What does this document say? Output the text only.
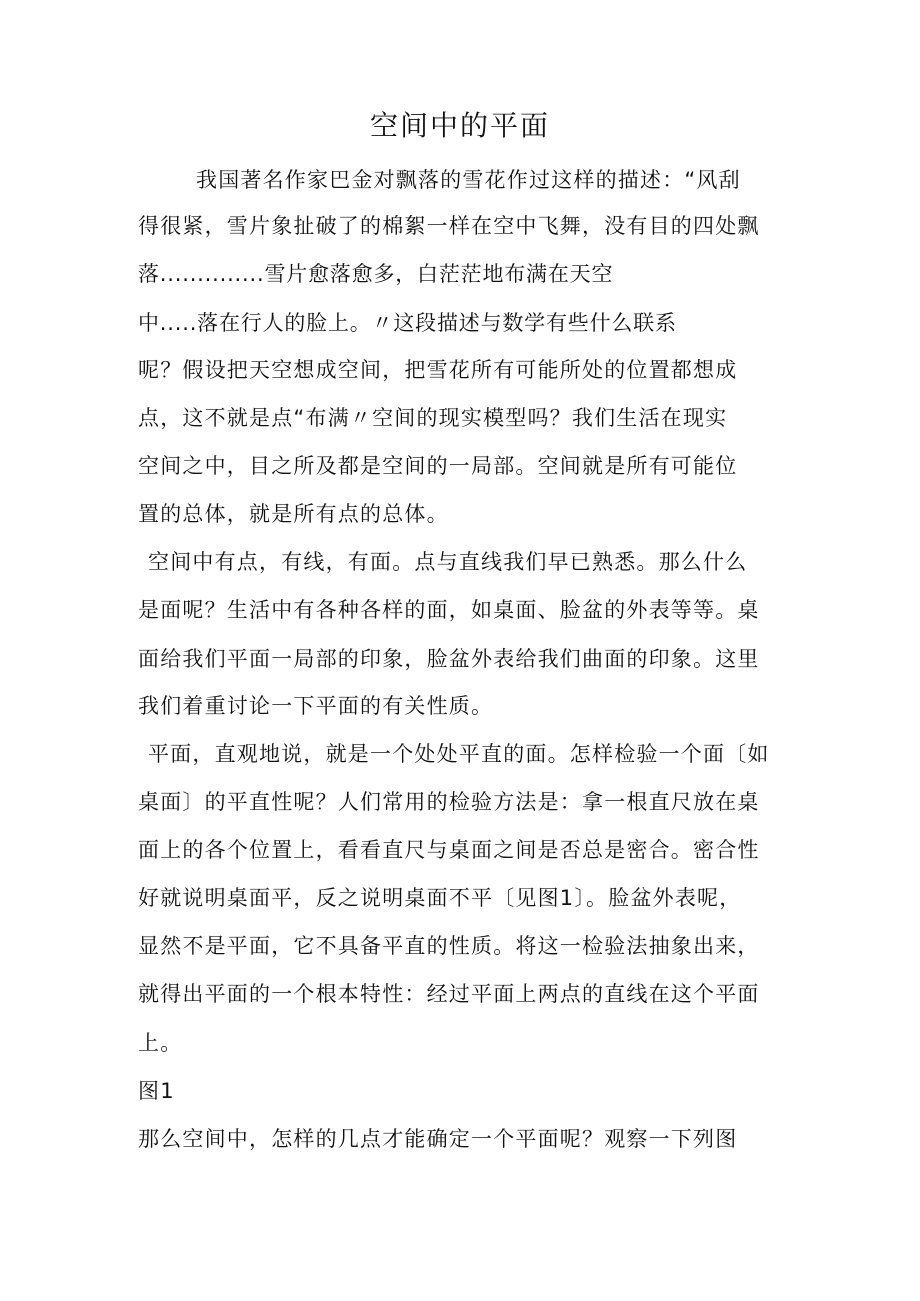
空间中的平面
我国著名作家巴金对飘落的雪花作过这样的描述：“风刮
得很紧，雪片象扯破了的棉絮一样在空中飞舞，没有目的四处飘
落..............雪片愈落愈多，白茫茫地布满在天空
中.....落在行人的脸上。〃这段描述与数学有些什么联系
呢？假设把天空想成空间，把雪花所有可能所处的位置都想成
点，这不就是点“布满〃空间的现实模型吗？我们生活在现实
空间之中，目之所及都是空间的一局部。空间就是所有可能位
置的总体，就是所有点的总体。
空间中有点，有线，有面。点与直线我们早已熟悉。那么什么
是面呢？生活中有各种各样的面，如桌面、脸盆的外表等等。桌
面给我们平面一局部的印象，脸盆外表给我们曲面的印象。这里
我们着重讨论一下平面的有关性质。
平面，直观地说，就是一个处处平直的面。怎样检验一个面〔如
桌面〕的平直性呢？人们常用的检验方法是：拿一根直尺放在桌
面上的各个位置上，看看直尺与桌面之间是否总是密合。密合性
好就说明桌面平，反之说明桌面不平〔见图1〕。脸盆外表呢，
显然不是平面，它不具备平直的性质。将这一检验法抽象出来，
就得出平面的一个根本特性：经过平面上两点的直线在这个平面
上。
图1
那么空间中，怎样的几点才能确定一个平面呢？观察一下列图
